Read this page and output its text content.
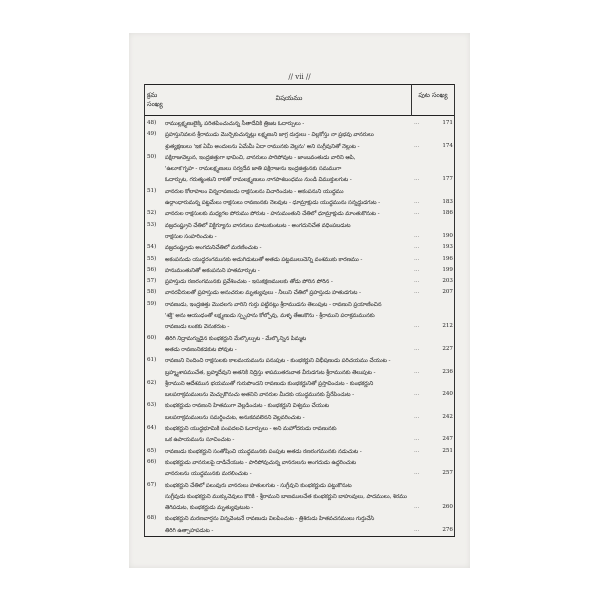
// vii //
క్రమ సంఖ్య
విషయము	పుట సంఖ్య
48)	రాముల్లక్ష్మణులైక్కి పరితపించుచున్న సీతాదేవికి త్రిజట ఓదార్పులు -	...	171
49)	ప్రహస్తునివలన శ్రీరాముడు మొర్చెకుచున్నట్లు లక్ష్మణుని జాగ్ర దుర్తులు - విల్లకోస్తు నా ప్రభవు వానరులు
శ్రుత్యక్షణులు 'ఇక ఏమీ అందులను ఏమేమీ ఏదా రామునకు వెల్లను' అని సుగ్రీవునితో నెల్లుట -	...	174
50)	పక్షిరాజువెల్తున, ఇంద్రజిత్తుగా భావించి, వానరులు పారిపోవుట - జాంబవంతుడు వారిని ఆపి,
'ఉలూక'గృహ - రామలక్ష్మణులు సర్వదేవ జాతి పక్షిరాజును ఇంద్రజిత్తునకు సమముగా
ఓదార్చుట, గరుత్మంతుని రాకతో రామలక్ష్మణులు నాగపాశబంధము నుండి విముక్తులగుట -	...	177
51)	వానరుల కోలాహలం విన్నరావణుడు రాక్షసులను విచారించుట - అకంపనుని యుద్ధము
ఉద్గాంధారుమన్న పట్టమేలు రాక్షసులు రావణునకు నెలవుట - ధూమ్రాక్షుడు యుద్ధమును సన్నద్ధుడగుట -	...	183
52)	వానరుల రాక్షసులకు మధ్యగల పోరుము పోరుట - హనుమంతుని చేతిలో ధూమ్రాక్షుడు మాంతుకొనుట -	...	186
53)	వజ్రదంష్ట్రుని చేతిలో విక్టిగ్యూను వానరులు మాటుకుంటుట - అంగదునిచేత వధింపబడుట
రాక్షసుల సంహరించుట -	...	190
54)	వజ్రదంష్ట్రుడు అంగదునిచేతిలో మరణించుట -	...	193
55)	అకంపనుడు యుద్ధరంగమునకు అడుగిడుటుతో అతడు పట్టములుచెన్ని వంశముకు కారణము -	...	196
56)	హనుమంతునితో అకంపనుని హతమార్చుట -	...	199
57)	ప్రహస్తుడు రణరంగమునకు ప్రవేశించుట - ఇసుకక్షణములకు తోడు పోరిన పోరిన -	...	203
58)	వానరవీరులతో ప్రహస్తుడు అనుచరుల మృత్యువులు - నీలుని చేతిలో ప్రహస్తుడు హతుడగుట -	...	207
59)	రావణుడు, ఇంద్రజిత్తు మొదలగు వారిని గుర్తు పట్టినట్లు శ్రీరాముడను తెలుపుట - రావణుని ప్రయాణించిన
'శక్తి' అను ఆయుధంతో లక్ష్మణుడు స్పృహను కోల్పోవు, మళ్ళ తేఱుకొను - శ్రీరాముని పరాక్రమమునకు
రావణుడు లంకకు వెనుకరుట -	...	212
60)	తిరిగి నిద్రామగ్నుడైన కుంభకర్ణుని మేల్కొల్పుట - మేల్కొన్నిన పిమ్మట
అతడు రావణునికడకుట పోవుట -	...	227
61)	రావణుని నిందించి రాక్షసులకు కాలమయమును పనుపుట - కుంభకర్ణుని విభీషణుడు పరిచయము చేయుట -
బ్రహ్మ్మశాపముచేత, బ్రహ్మదేవుని అతనికి నిద్రిస్తు శాపముతరువాత వీరుడగుట శ్రీరామునకు తెలుపుట -	...	236
62)	శ్రీరాముని ఆదేశమున భయముతో గురుపొందని రావణుడు కుంభకర్ణునితో ప్రస్తావించుట - కుంభకర్ణుని
బలపరాక్రమములను మెచ్చుకొనుచు అతనిని వానరుల మీదకు యుద్ధమునకు ప్రేరేపించుట -	...	240
63)	కుంభకర్ణుడు రావణుని హితముగా వెల్లడించుట - కుంభకర్ణుని విశ్వము చేయుట
బలపరాక్రమములను సమర్థించుట, అనుకవవలెనని వెల్లవరించుట -	...	242
64)	కుంభకర్ణుని యుద్ధభూమికి పంపదలచి ఓదార్పులు - అని మహోదరుడు రావణునకు
ఒక ఉపాయమును సూచించుట -	...	247
65)	రావణుడు కుంభకర్ణుని సంతోషించి యుద్ధమునకు పంపుట అతడు రణరంగమునకు నడుచుట -	...	251
66)	కుంభకర్ణుడు వానరులపై దాడిచేయుట - పారిపోవుచున్న వానరులను అంగదుడు ఉద్దరించుట
వానరులను యుద్ధమునకు మరలించుట -	...	257
67)	కుంభకర్ణుని చేతిలో పలువురు వానరులు హతులగుట - సుగ్రీవుని కుంభకర్ణుడు పట్టుకొనుట
సుగ్రీవుడు కుంభకర్ణుని ముక్కుచెవులు కొరికి - శ్రీరాముని బాణములచేత కుంభకర్ణుని బాహువులు, పాదములు, శిరము
తెగిపడుట, కుంభకర్ణుడు మృత్యువుటుట -	...	260
68)	కుంభకర్ణుని మరణవార్తను విన్నవెంటనే రావణుడు విలపించుట - త్రిశిరుడు హితవచనములు గుర్తుచేసి
తిరిగి ఉత్సాహపడుట -	...	276
